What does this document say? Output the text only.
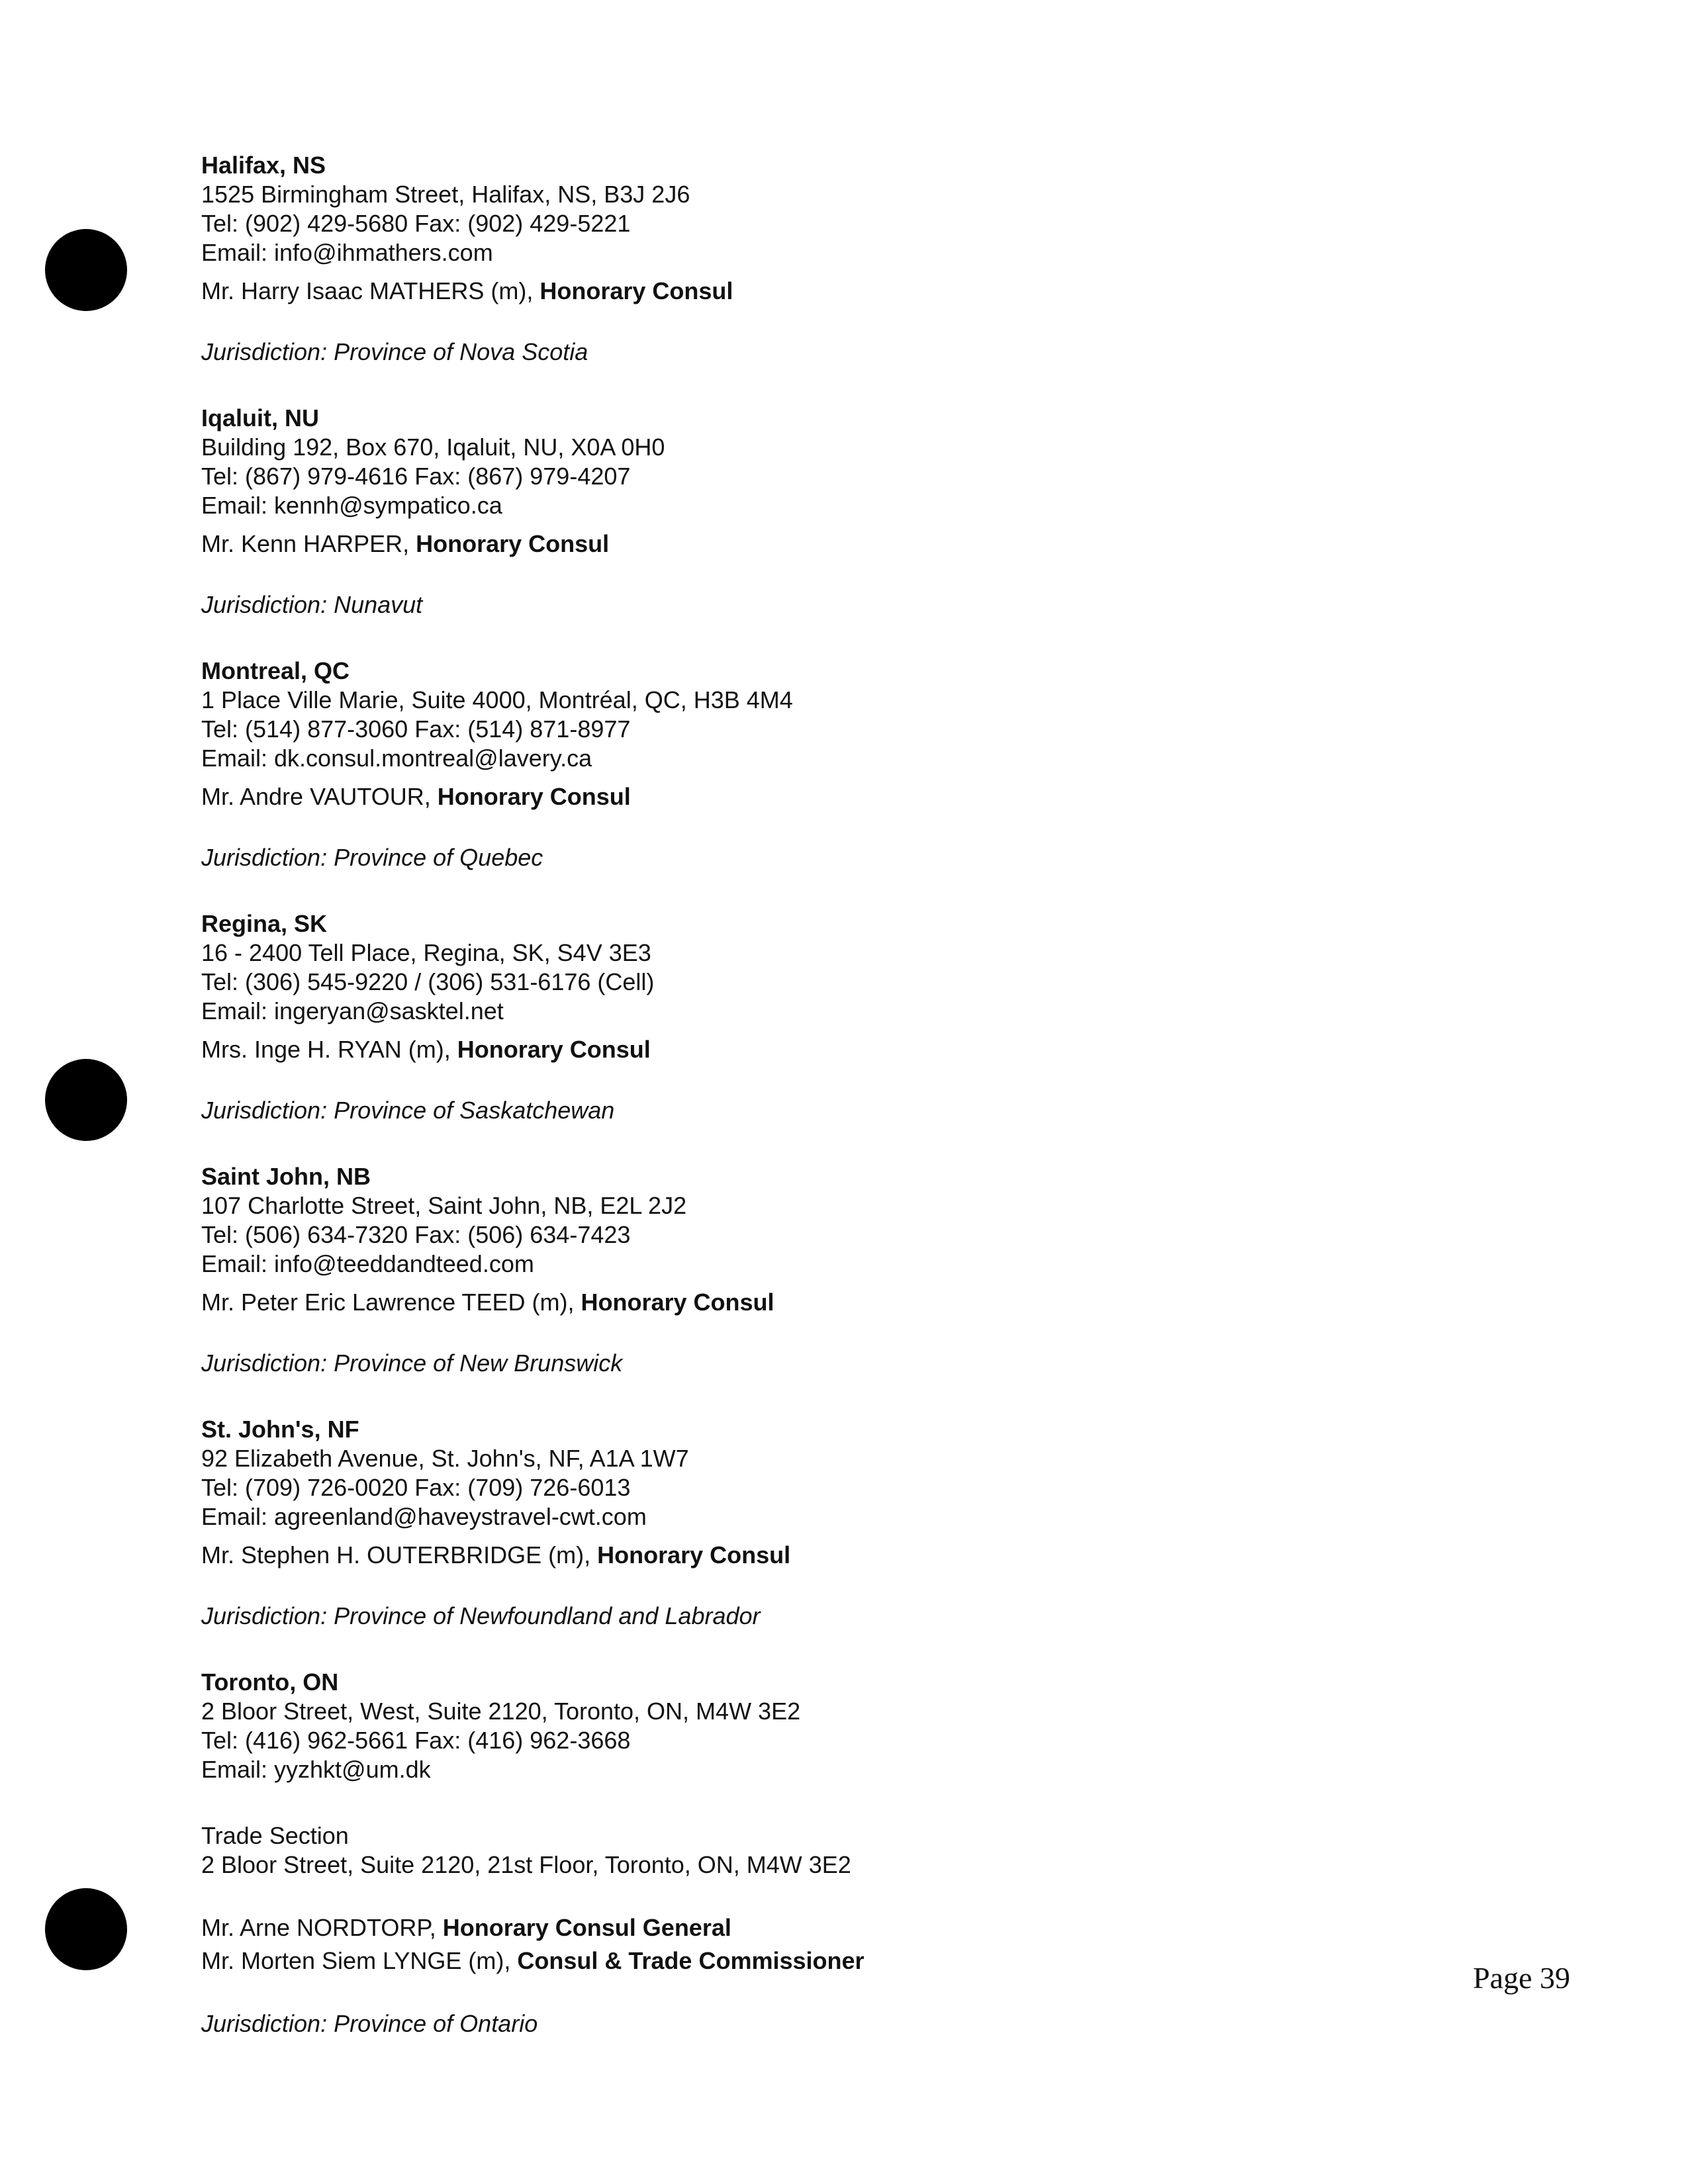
Halifax, NS
1525 Birmingham Street, Halifax, NS, B3J 2J6
Tel: (902) 429-5680 Fax: (902) 429-5221
Email: info@ihmathers.com
Mr. Harry Isaac MATHERS (m), Honorary Consul
Jurisdiction: Province of Nova Scotia
Iqaluit, NU
Building 192, Box 670, Iqaluit, NU, X0A 0H0
Tel: (867) 979-4616 Fax: (867) 979-4207
Email: kennh@sympatico.ca
Mr. Kenn HARPER, Honorary Consul
Jurisdiction: Nunavut
Montreal, QC
1 Place Ville Marie, Suite 4000, Montréal, QC, H3B 4M4
Tel: (514) 877-3060 Fax: (514) 871-8977
Email: dk.consul.montreal@lavery.ca
Mr. Andre VAUTOUR, Honorary Consul
Jurisdiction: Province of Quebec
Regina, SK
16 - 2400 Tell Place, Regina, SK, S4V 3E3
Tel: (306) 545-9220 / (306) 531-6176 (Cell)
Email: ingeryan@sasktel.net
Mrs. Inge H. RYAN (m), Honorary Consul
Jurisdiction: Province of Saskatchewan
Saint John, NB
107 Charlotte Street, Saint John, NB, E2L 2J2
Tel: (506) 634-7320 Fax: (506) 634-7423
Email: info@teeddandteed.com
Mr. Peter Eric Lawrence TEED (m), Honorary Consul
Jurisdiction: Province of New Brunswick
St. John's, NF
92 Elizabeth Avenue, St. John's, NF, A1A 1W7
Tel: (709) 726-0020 Fax: (709) 726-6013
Email: agreenland@haveystravel-cwt.com
Mr. Stephen H. OUTERBRIDGE (m), Honorary Consul
Jurisdiction: Province of Newfoundland and Labrador
Toronto, ON
2 Bloor Street, West, Suite 2120, Toronto, ON, M4W 3E2
Tel: (416) 962-5661 Fax: (416) 962-3668
Email: yyzhkt@um.dk
Trade Section
2 Bloor Street, Suite 2120, 21st Floor, Toronto, ON, M4W 3E2
Mr. Arne NORDTORP, Honorary Consul General
Mr. Morten Siem LYNGE (m), Consul & Trade Commissioner
Jurisdiction: Province of Ontario
Page 39
